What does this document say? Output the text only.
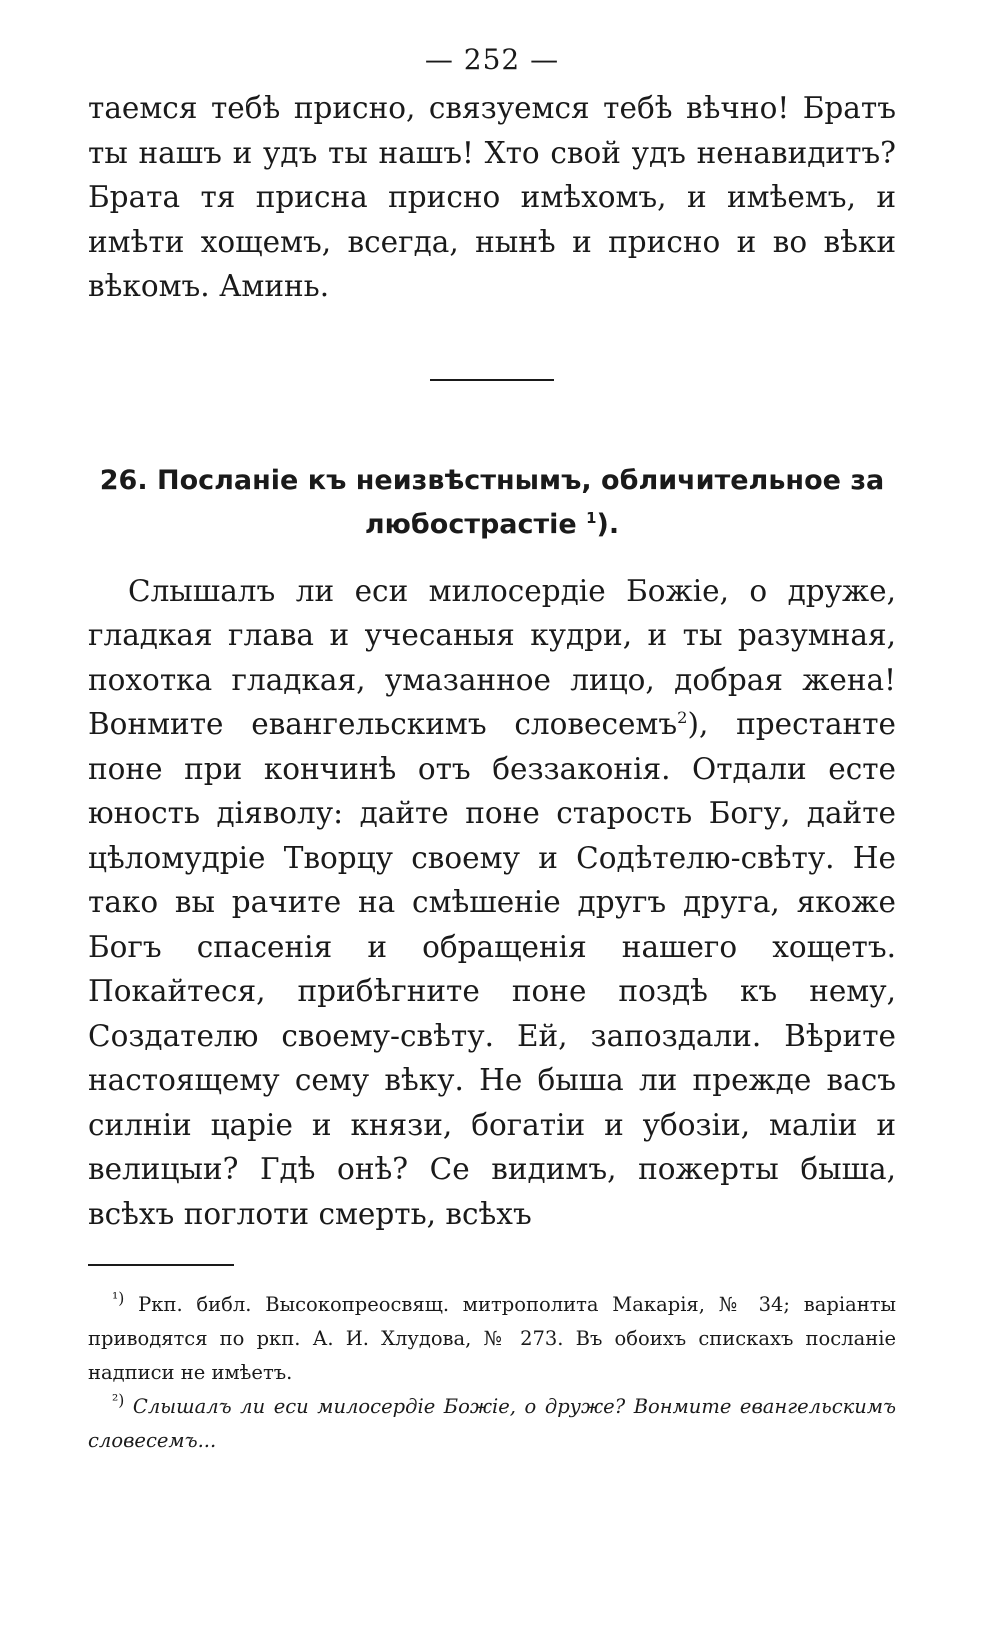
— 252 —

таемся тебѣ присно, связуемся тебѣ вѣчно! Братъ ты нашъ и удъ ты нашъ! Хто свой удъ ненавидитъ? Брата тя присна присно имѣхомъ, и имѣемъ, и имѣти хощемъ, всегда, нынѣ и присно и во вѣки вѣкомъ. Аминь.

26. Посланіе къ неизвѣстнымъ, обличительное за любострастіе $^1$).

Слышалъ ли еси милосердіе Божіе, о друже, гладкая глава и учесаныя кудри, и ты разумная, похотка гладкая, умазанное лицо, добрая жена! Вонмите евангельскимъ словесемъ$^2$), престанте поне при кончинѣ отъ беззаконія. Отдали есте юность діяволу: дайте поне старость Богу, дайте цѣломудріе Творцу своему и Содѣтелю-свѣту. Не тако вы рачите на смѣшеніе другъ друга, якоже Богъ спасенія и обращенія нашего хощетъ. Покайтеся, прибѣгните поне поздѣ къ нему, Создателю своему-свѣту. Ей, запоздали. Вѣрите настоящему сему вѣку. Не быша ли прежде васъ силніи царіе и князи, богатіи и убозіи, маліи и велицыи? Гдѣ онѣ? Се видимъ, пожерты быша, всѣхъ поглоти смерть, всѣхъ

$^{^1)}$ Ркп. библ. Высокопреосвящ. митрополита Макарія, № 34; варіанты приводятся по ркп. А. И. Хлудова, № 273. Въ обоихъ спискахъ посланіе надписи не имѣетъ.

$^{^2)}$ Слышалъ ли еси милосердіе Божіе, о друже? Вонмите евангельскимъ словесемъ...
